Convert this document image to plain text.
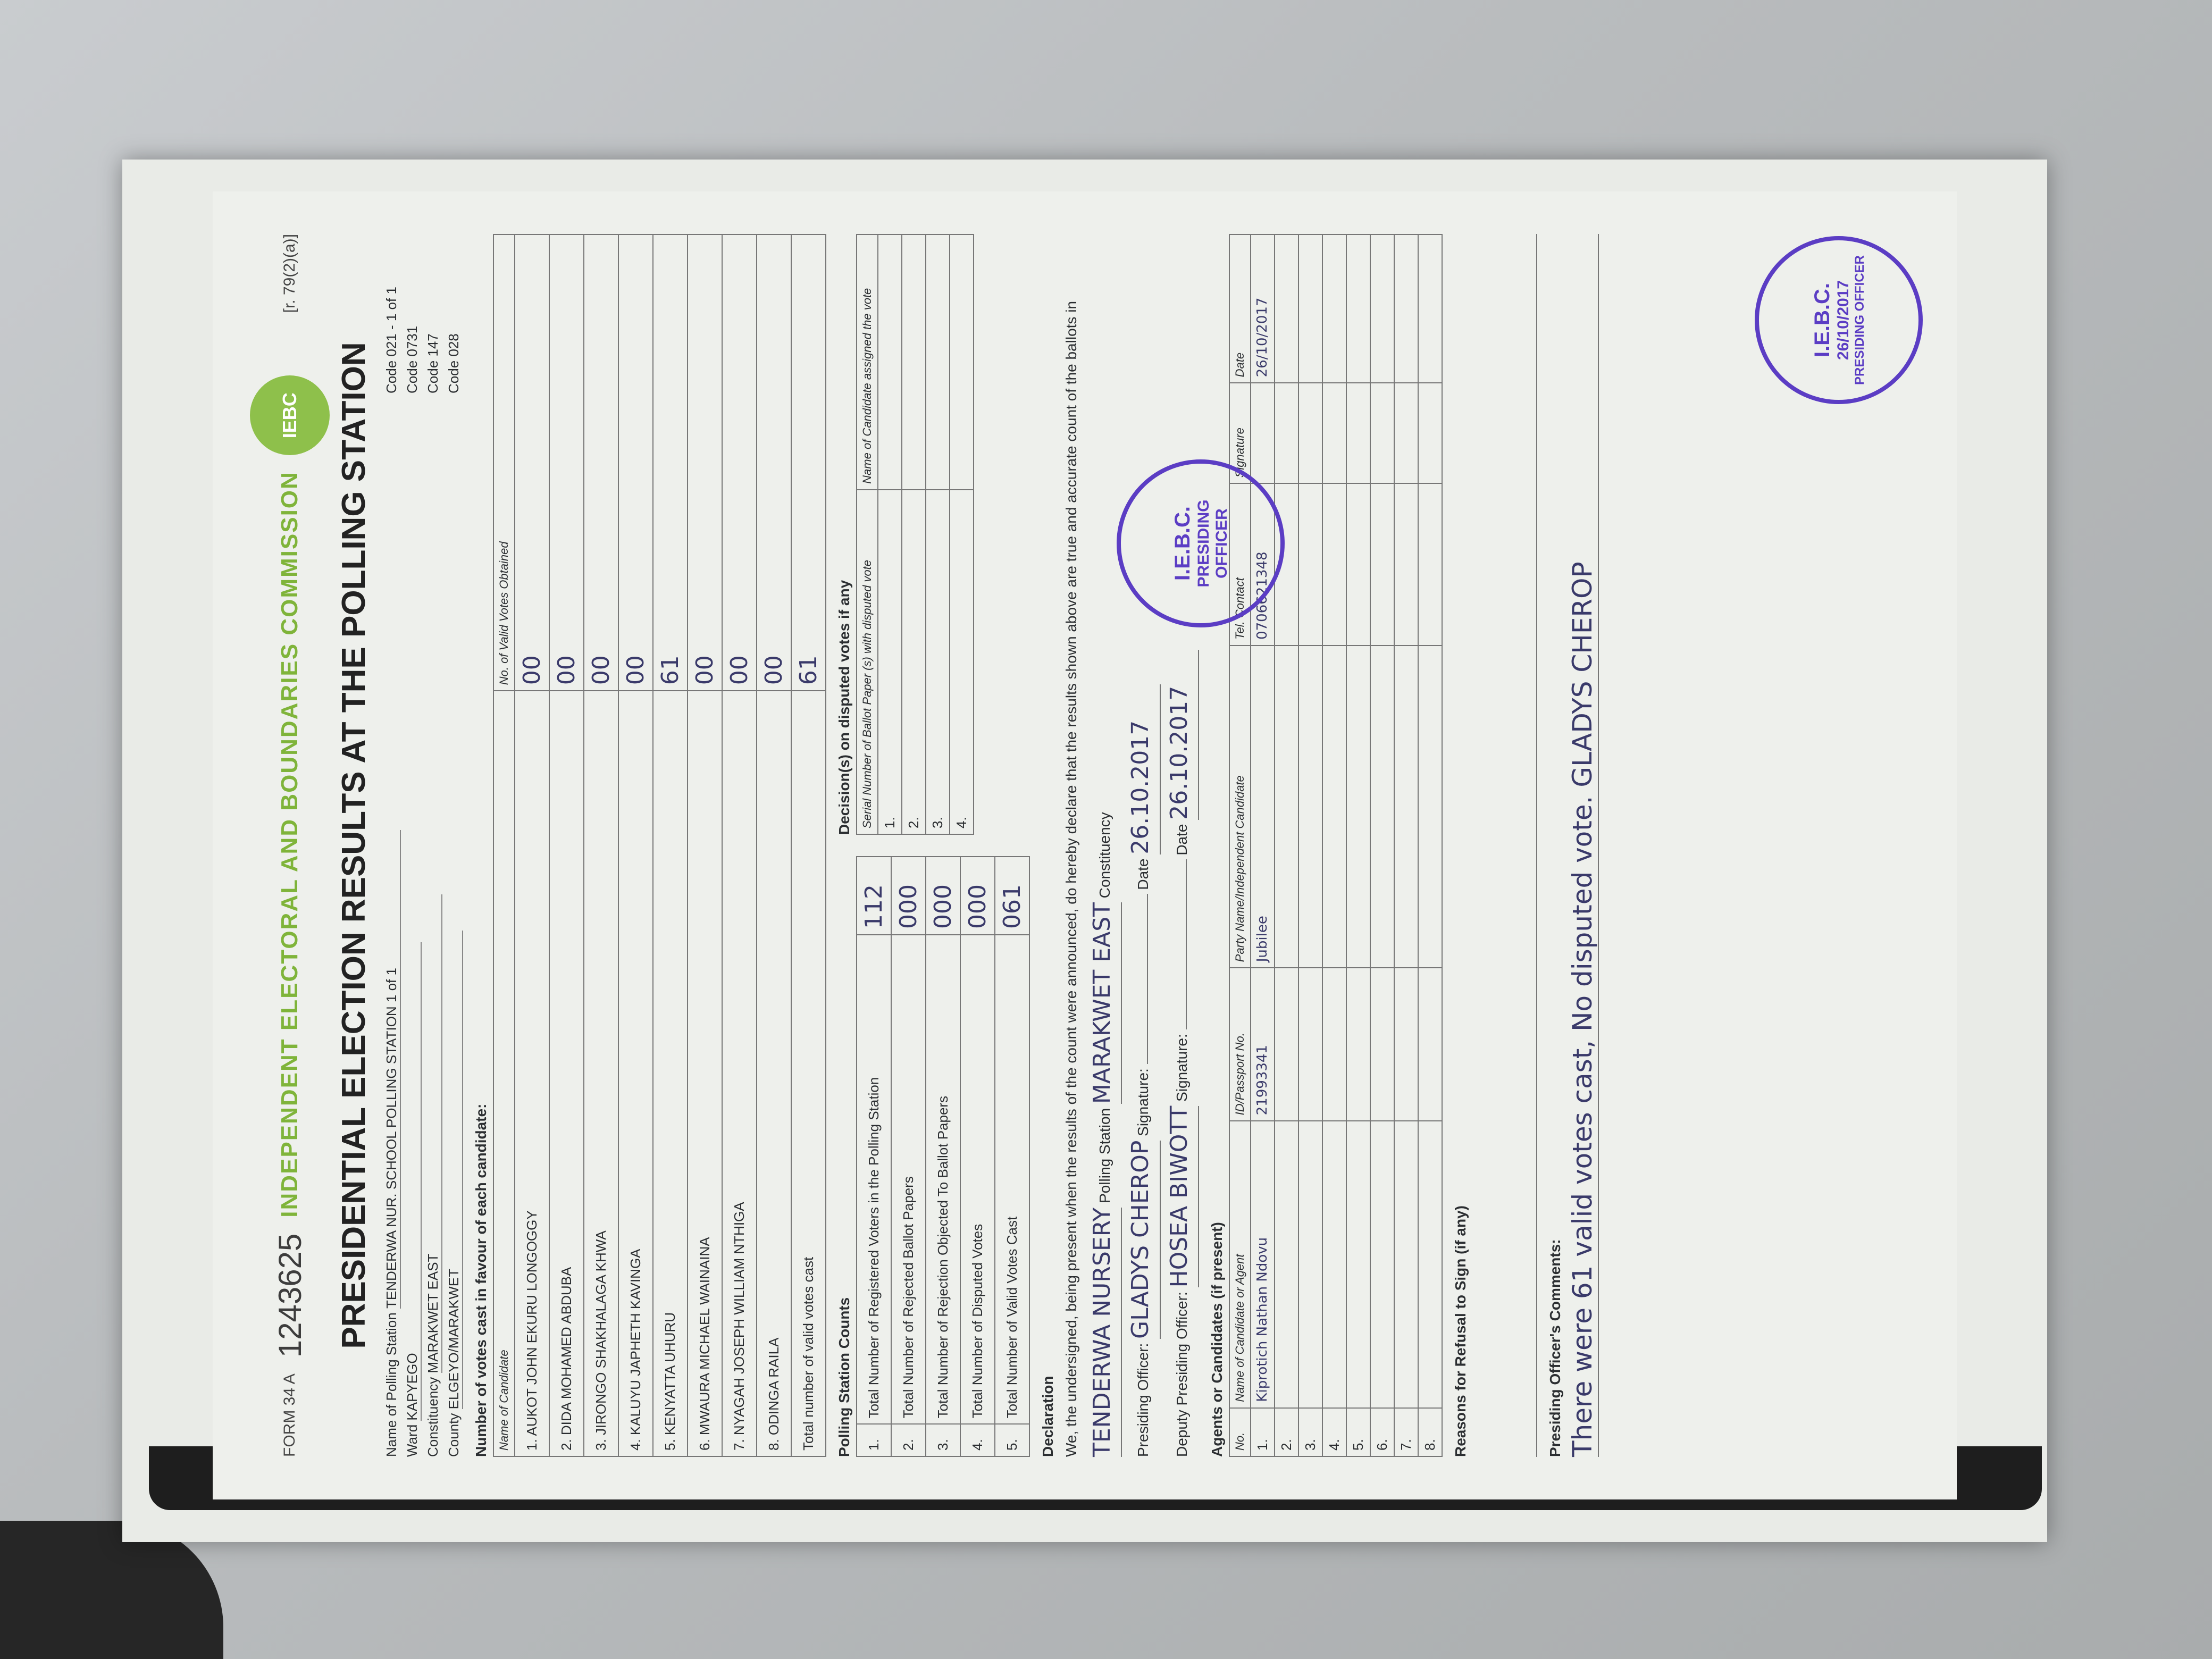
FORM 34 A
1243625
INDEPENDENT ELECTORAL AND BOUNDARIES COMMISSION
IEBC
[r. 79(2)(a)]
PRESIDENTIAL ELECTION RESULTS AT THE POLLING STATION
Name of Polling Station TENDERWA NUR. SCHOOL POLLING STATION 1 of 1
Code 021 - 1 of 1
Ward KAPYEGO
Code 0731
Constituency MARAKWET EAST
Code 147
County ELGEYO/MARAKWET
Code 028
Number of votes cast in favour of each candidate: Name of Candidate	No. of Valid Votes Obtained
1. AUKOT JOHN EKURU LONGOGGY	00
2. DIDA MOHAMED ABDUBA	00
3. JIRONGO SHAKHALAGA KHWA	00
4. KALUYU JAPHETH KAVINGA	00
5. KENYATTA UHURU	61
6. MWAURA MICHAEL WAINAINA	00
7. NYAGAH JOSEPH WILLIAM NTHIGA	00
8. ODINGA RAILA	00
Total number of valid votes cast	61
Polling Station Counts 1.	Total Number of Registered Voters in the Polling Station	112
2.	Total Number of Rejected Ballot Papers	000
3.	Total Number of Rejection Objected To Ballot Papers	000
4.	Total Number of Disputed Votes	000
5.	Total Number of Valid Votes Cast	061
Decision(s) on disputed votes if any Serial Number of Ballot Paper (s) with disputed vote	Name of Candidate assigned the vote
1.	
2.	
3.	
4.	
Declaration We, the undersigned, being present when the results of the count were announced, do hereby declare that the results shown above are true and accurate count of the ballots in TENDERWA NURSERY Polling Station MARAKWET EAST Constituency
Presiding Officer: GLADYS CHEROP Signature:  Date 26.10.2017
Deputy Presiding Officer: HOSEA BIWOTT Signature:  Date 26.10.2017
Agents or Candidates (if present) No.	Name of Candidate or Agent	ID/Passport No.	Party Name/Independent Candidate	Tel. Contact	Signature	Date
1.	Kiprotich Nathan Ndovu	21993341	Jubilee	0706621348		26/10/2017
2.						
3.						
4.						
5.						
6.						
7.						
8.						Reasons for Refusal to Sign (if any)	Presiding Officer's Comments: There were 61 valid votes cast, No disputed vote. GLADYS CHEROP
I.E.B.C. PRESIDING OFFICER
I.E.B.C. 26/10/2017 PRESIDING OFFICER
